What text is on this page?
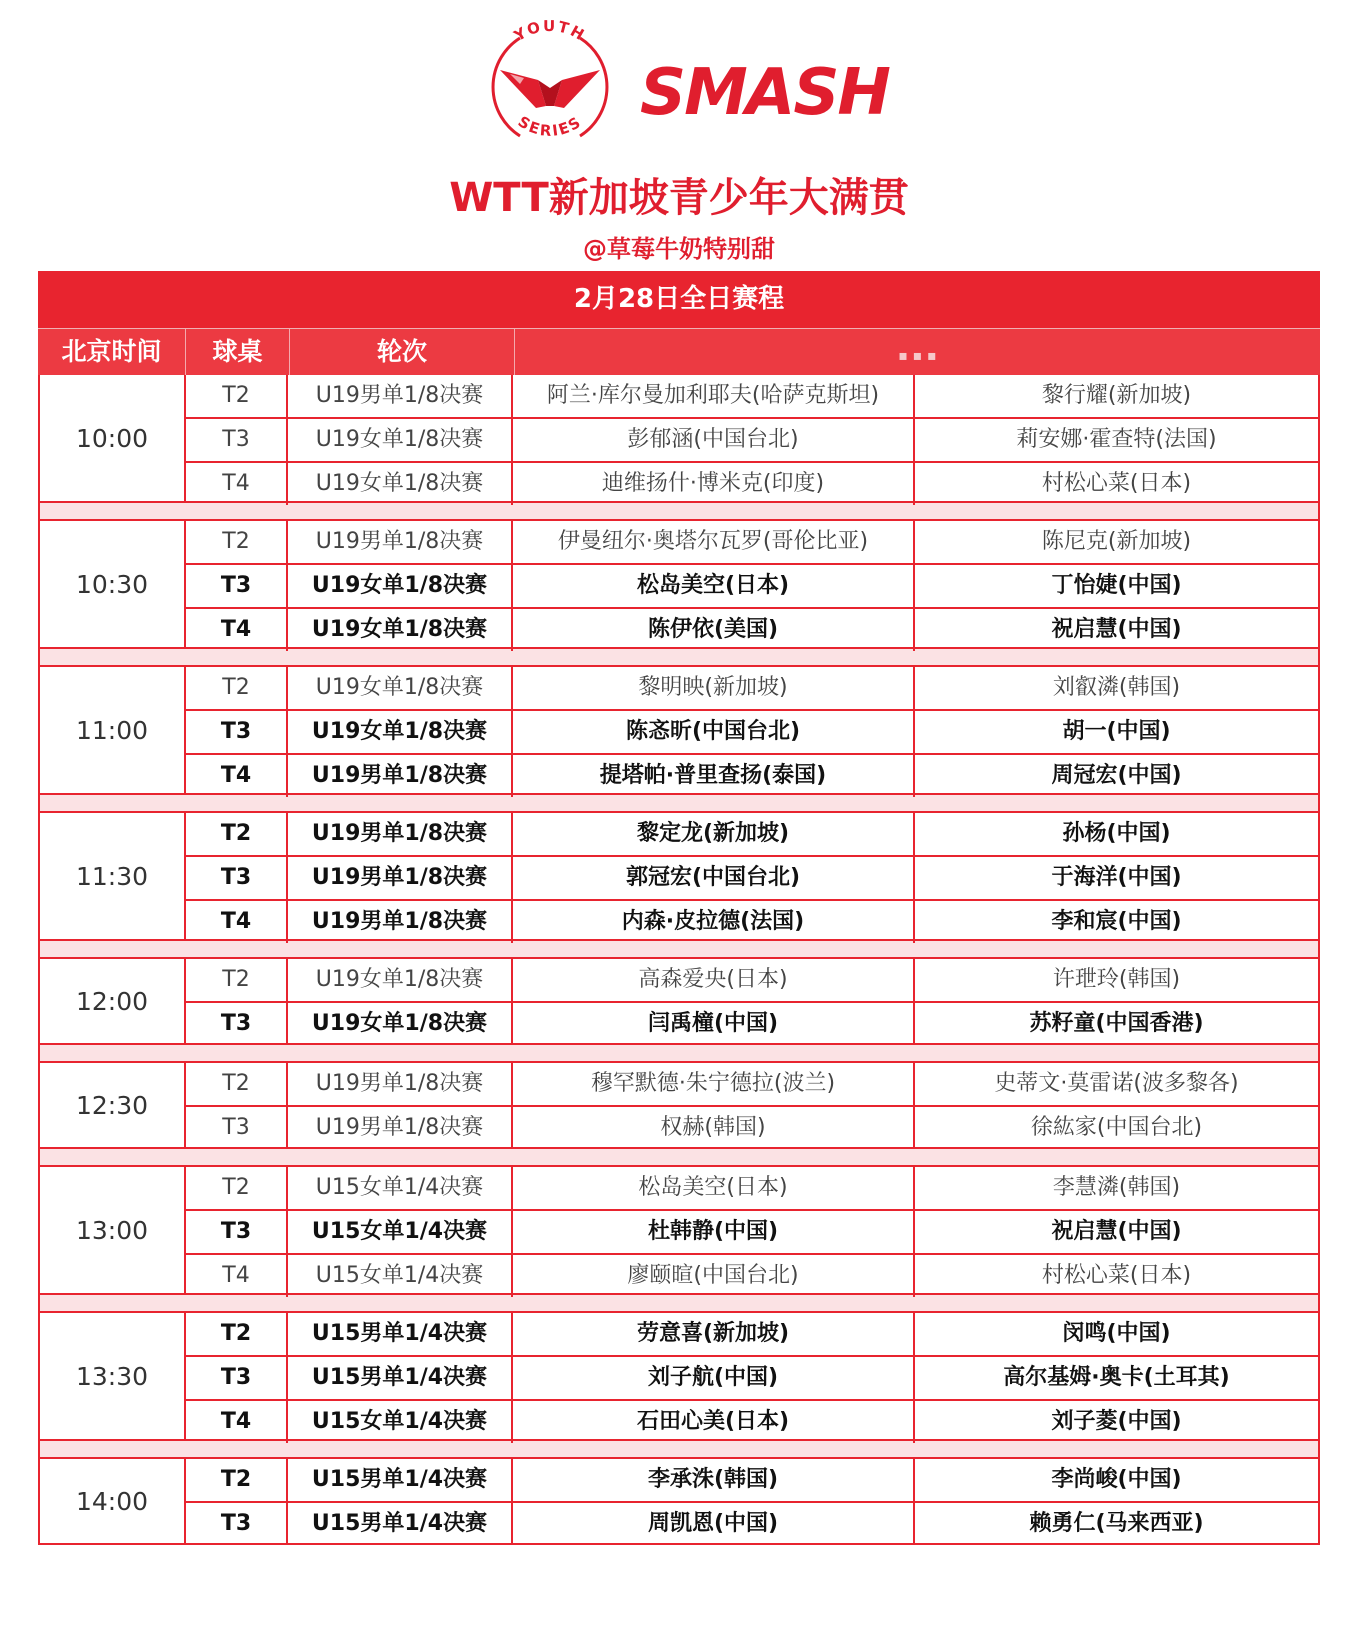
YOUTH
SERIES SMASH
WTT新加坡青少年大满贯
@草莓牛奶特别甜
2月28日全日赛程
北京时间	球桌	轮次	▪ ▪ ▪
10:00
T2	U19男单1/8决赛	阿兰·库尔曼加利耶夫(哈萨克斯坦)	黎行耀(新加坡)
T3	U19女单1/8决赛	彭郁涵(中国台北)	莉安娜·霍查特(法国)
T4	U19女单1/8决赛	迪维扬什·博米克(印度)	村松心菜(日本)
10:30
T2	U19男单1/8决赛	伊曼纽尔·奥塔尔瓦罗(哥伦比亚)	陈尼克(新加坡)
T3	U19女单1/8决赛	松岛美空(日本)	丁怡婕(中国)
T4	U19女单1/8决赛	陈伊依(美国)	祝启慧(中国)
11:00
T2	U19女单1/8决赛	黎明映(新加坡)	刘叡潾(韩国)
T3	U19女单1/8决赛	陈忞昕(中国台北)	胡一(中国)
T4	U19男单1/8决赛	提塔帕·普里查扬(泰国)	周冠宏(中国)
11:30
T2	U19男单1/8决赛	黎定龙(新加坡)	孙杨(中国)
T3	U19男单1/8决赛	郭冠宏(中国台北)	于海洋(中国)
T4	U19男单1/8决赛	内森·皮拉德(法国)	李和宸(中国)
12:00
T2	U19女单1/8决赛	高森爱央(日本)	许玴玲(韩国)
T3	U19女单1/8决赛	闫禹橦(中国)	苏籽童(中国香港)
12:30
T2	U19男单1/8决赛	穆罕默德·朱宁德拉(波兰)	史蒂文·莫雷诺(波多黎各)
T3	U19男单1/8决赛	权赫(韩国)	徐紘家(中国台北)
13:00
T2	U15女单1/4决赛	松岛美空(日本)	李慧潾(韩国)
T3	U15女单1/4决赛	杜韩静(中国)	祝启慧(中国)
T4	U15女单1/4决赛	廖颐暄(中国台北)	村松心菜(日本)
13:30
T2	U15男单1/4决赛	劳意喜(新加坡)	闵鸣(中国)
T3	U15男单1/4决赛	刘子航(中国)	高尔基姆·奥卡(土耳其)
T4	U15女单1/4决赛	石田心美(日本)	刘子菱(中国)
14:00
T2	U15男单1/4决赛	李承洙(韩国)	李尚峻(中国)
T3	U15男单1/4决赛	周凯恩(中国)	赖勇仁(马来西亚)
